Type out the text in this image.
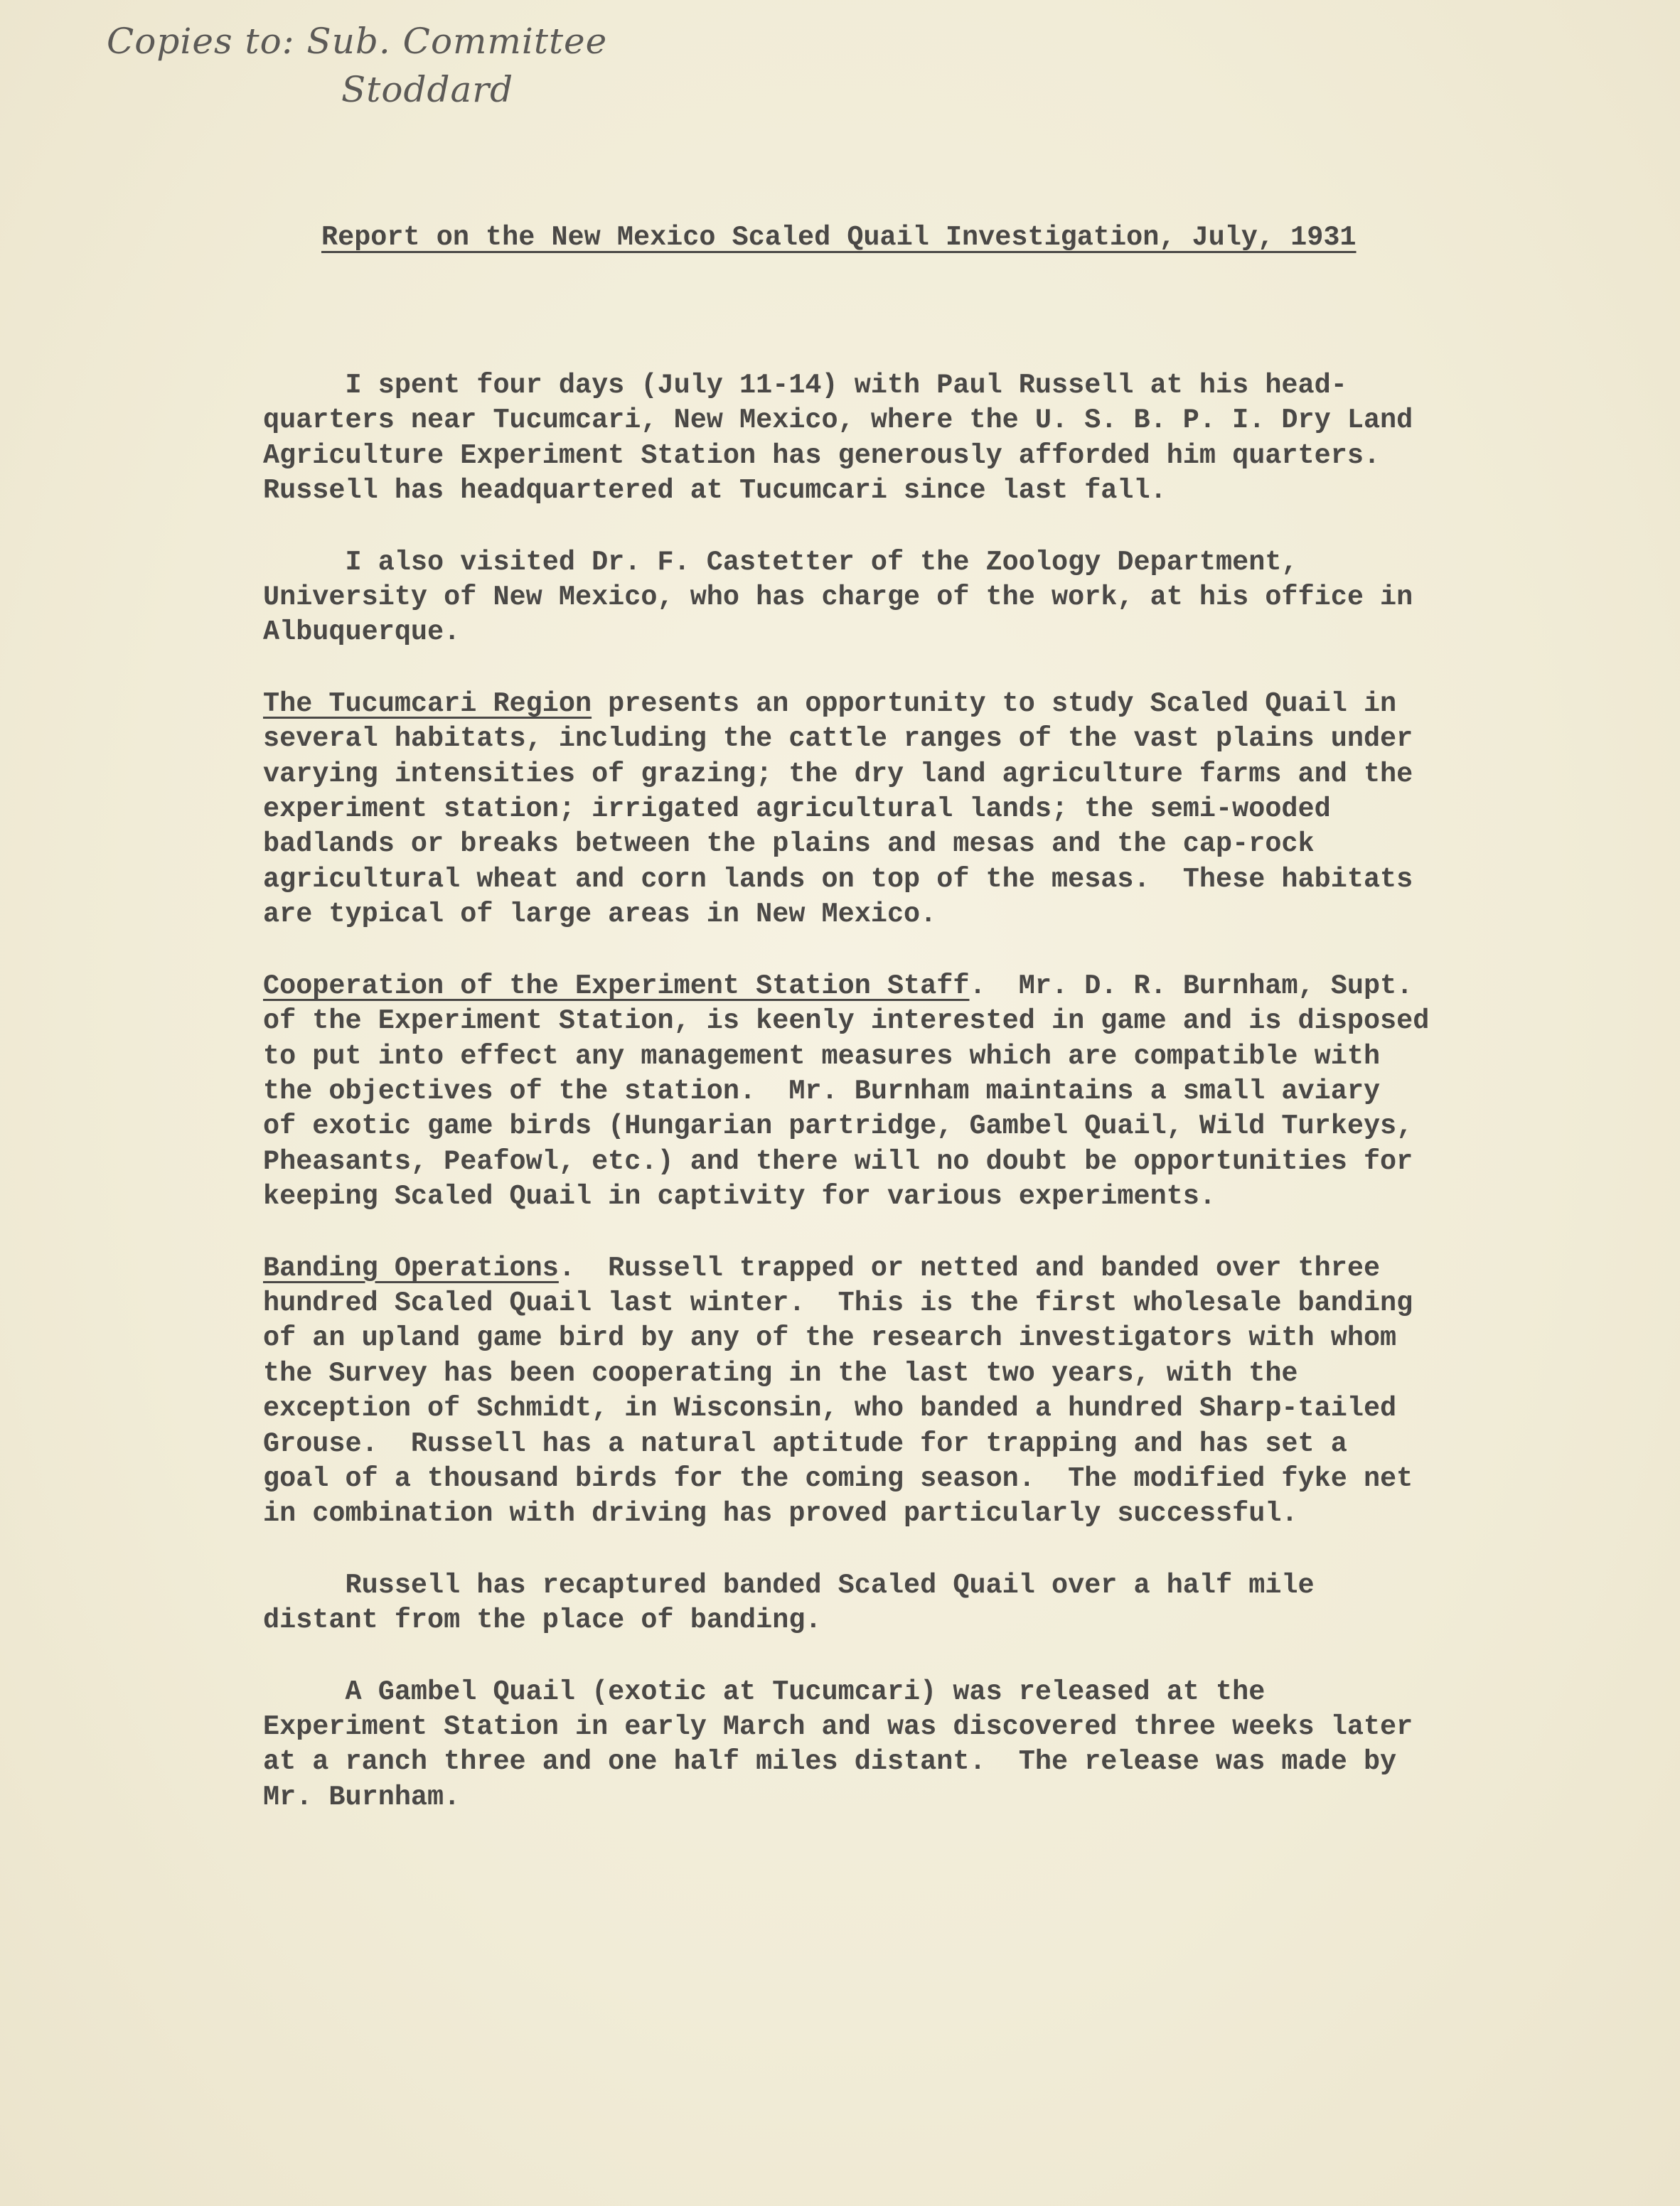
Copies to: Sub. Committee
Stoddard
Report on the New Mexico Scaled Quail Investigation, July, 1931
I spent four days (July 11-14) with Paul Russell at his head-
quarters near Tucumcari, New Mexico, where the U. S. B. P. I. Dry Land
Agriculture Experiment Station has generously afforded him quarters.
Russell has headquartered at Tucumcari since last fall.
I also visited Dr. F. Castetter of the Zoology Department,
University of New Mexico, who has charge of the work, at his office in
Albuquerque.
The Tucumcari Region presents an opportunity to study Scaled Quail in
several habitats, including the cattle ranges of the vast plains under
varying intensities of grazing; the dry land agriculture farms and the
experiment station; irrigated agricultural lands; the semi-wooded
badlands or breaks between the plains and mesas and the cap-rock
agricultural wheat and corn lands on top of the mesas.  These habitats
are typical of large areas in New Mexico.
Cooperation of the Experiment Station Staff.  Mr. D. R. Burnham, Supt.
of the Experiment Station, is keenly interested in game and is disposed
to put into effect any management measures which are compatible with
the objectives of the station.  Mr. Burnham maintains a small aviary
of exotic game birds (Hungarian partridge, Gambel Quail, Wild Turkeys,
Pheasants, Peafowl, etc.) and there will no doubt be opportunities for
keeping Scaled Quail in captivity for various experiments.
Banding Operations.  Russell trapped or netted and banded over three
hundred Scaled Quail last winter.  This is the first wholesale banding
of an upland game bird by any of the research investigators with whom
the Survey has been cooperating in the last two years, with the
exception of Schmidt, in Wisconsin, who banded a hundred Sharp-tailed
Grouse.  Russell has a natural aptitude for trapping and has set a
goal of a thousand birds for the coming season.  The modified fyke net
in combination with driving has proved particularly successful.
Russell has recaptured banded Scaled Quail over a half mile
distant from the place of banding.
A Gambel Quail (exotic at Tucumcari) was released at the
Experiment Station in early March and was discovered three weeks later
at a ranch three and one half miles distant.  The release was made by
Mr. Burnham.
